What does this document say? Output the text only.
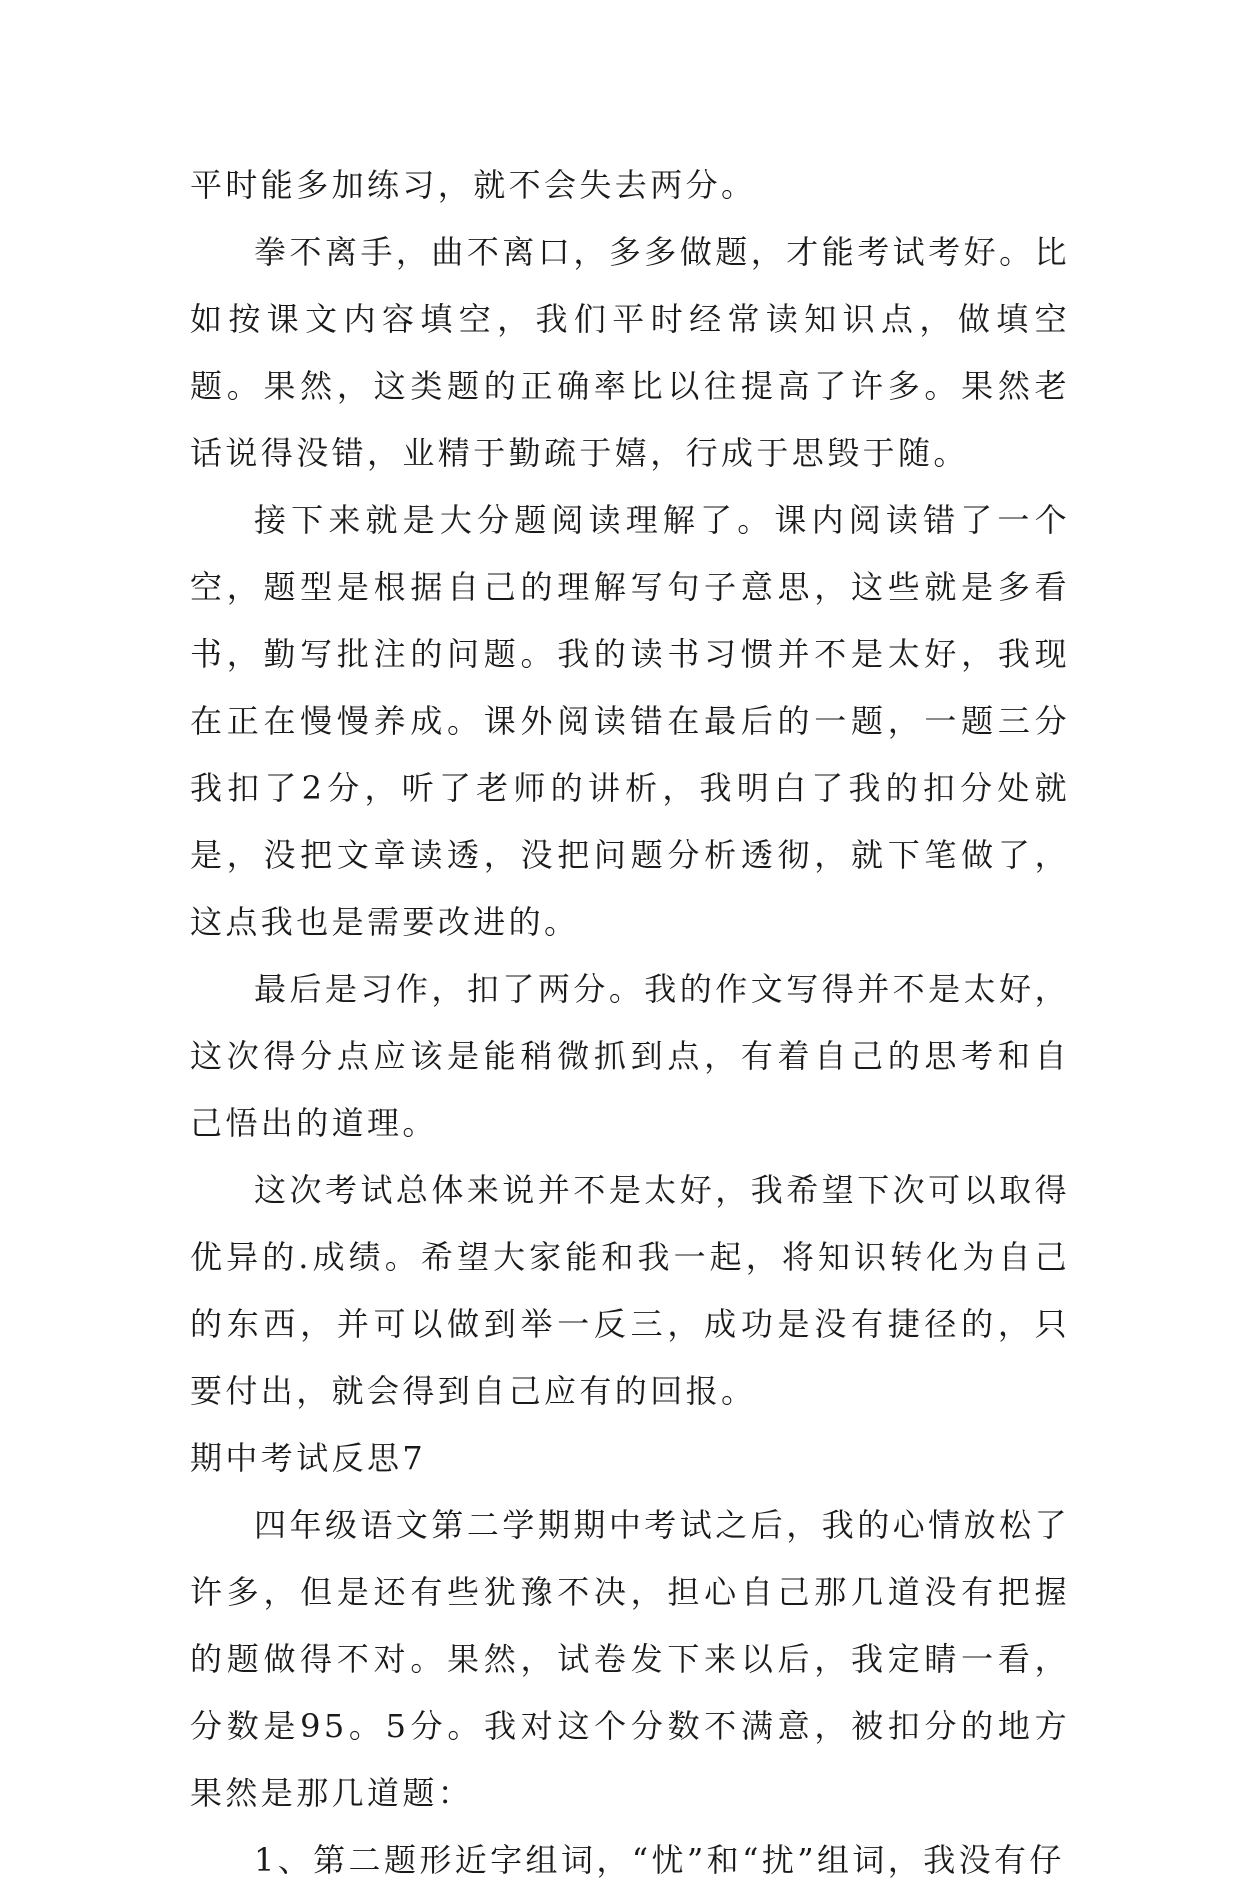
平时能多加练习，就不会失去两分。

拳不离手，曲不离口，多多做题，才能考试考好。比如按课文内容填空，我们平时经常读知识点，做填空题。果然，这类题的正确率比以往提高了许多。果然老话说得没错，业精于勤疏于嬉，行成于思毁于随。

接下来就是大分题阅读理解了。课内阅读错了一个空，题型是根据自己的理解写句子意思，这些就是多看书，勤写批注的问题。我的读书习惯并不是太好，我现在正在慢慢养成。课外阅读错在最后的一题，一题三分我扣了2分，听了老师的讲析，我明白了我的扣分处就是，没把文章读透，没把问题分析透彻，就下笔做了，这点我也是需要改进的。

最后是习作，扣了两分。我的作文写得并不是太好，这次得分点应该是能稍微抓到点，有着自己的思考和自己悟出的道理。

这次考试总体来说并不是太好，我希望下次可以取得优异的.成绩。希望大家能和我一起，将知识转化为自己的东西，并可以做到举一反三，成功是没有捷径的，只要付出，就会得到自己应有的回报。

期中考试反思7

四年级语文第二学期期中考试之后，我的心情放松了许多，但是还有些犹豫不决，担心自己那几道没有把握的题做得不对。果然，试卷发下来以后，我定睛一看，分数是95。5分。我对这个分数不满意，被扣分的地方果然是那几道题：

1、第二题形近字组词，“忧”和“扰”组词，我没有仔
